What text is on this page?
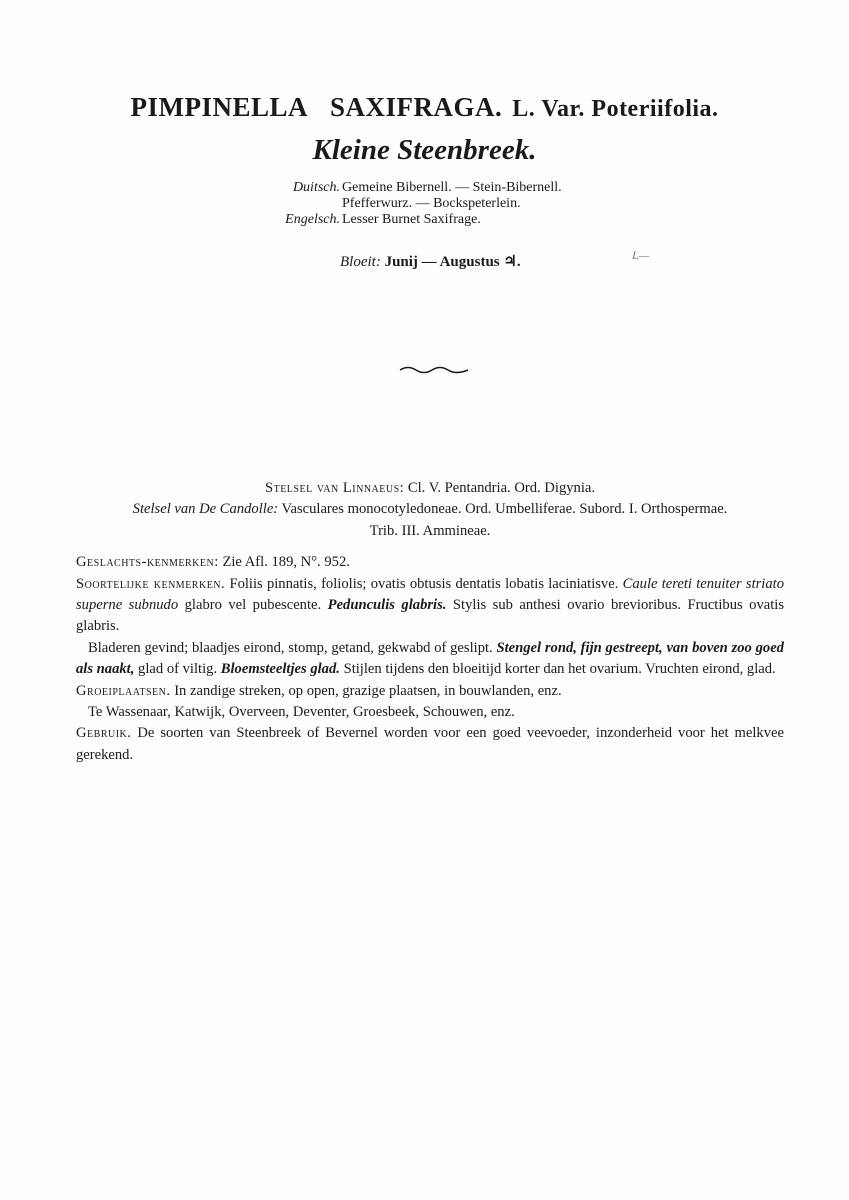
PIMPINELLA SAXIFRAGA. L. Var. Poteriifolia.
Kleine Steenbreek.
Duitsch. Gemeine Bibernell. — Stein-Bibernell.
Pfefferwurz. — Bockspeterlein.
Engelsch. Lesser Burnet Saxifrage.
Bloeit: Junij — Augustus ♃.	L—

Stelsel van Linnaeus: Cl. V. Pentandria. Ord. Digynia.

Stelsel van De Candolle: Vasculares monocotyledoneae. Ord. Umbelliferae. Subord. I. Orthospermae.

Trib. III. Ammineae.

Geslachts-kenmerken: Zie Afl. 189, N°. 952.

Soortelijke kenmerken. Foliis pinnatis, foliolis; ovatis obtusis dentatis lobatis laciniatisve. Caule tereti tenuiter striato superne subnudo glabro vel pubescente. Pedunculis glabris. Stylis sub anthesi ovario brevioribus. Fructibus ovatis glabris.

Bladeren gevind; blaadjes eirond, stomp, getand, gekwabd of geslipt. Stengel rond, fijn gestreept, van boven zoo goed als naakt, glad of viltig. Bloemsteeltjes glad. Stijlen tijdens den bloeitijd korter dan het ovarium. Vruchten eirond, glad.

Groeiplaatsen. In zandige streken, op open, grazige plaatsen, in bouwlanden, enz.

Te Wassenaar, Katwijk, Overveen, Deventer, Groesbeek, Schouwen, enz.

Gebruik. De soorten van Steenbreek of Bevernel worden voor een goed veevoeder, inzonderheid voor het melkvee gerekend.
